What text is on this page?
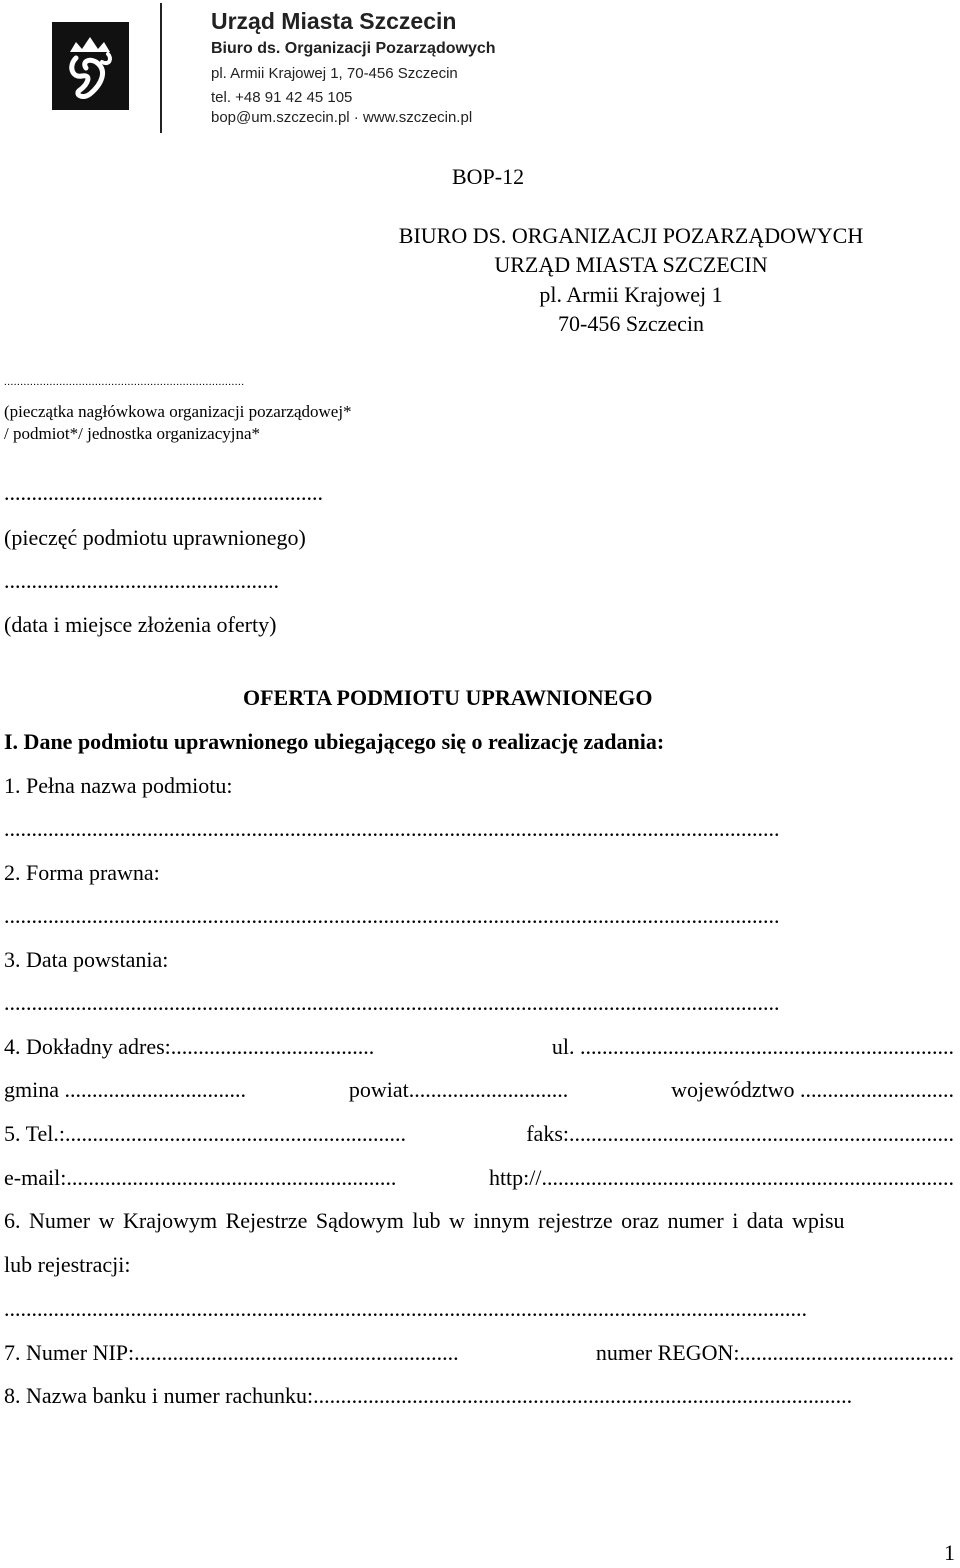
Urząd Miasta Szczecin
Biuro ds. Organizacji Pozarządowych
pl. Armii Krajowej 1, 70-456 Szczecin
tel. +48 91 42 45 105
bop@um.szczecin.pl · www.szczecin.pl
BOP-12
BIURO DS. ORGANIZACJI POZARZĄDOWYCH
URZĄD MIASTA SZCZECIN
pl. Armii Krajowej 1
70-456 Szczecin
..........................................................................
(pieczątka nagłówkowa organizacji pozarządowej*
/ podmiot*/ jednostka organizacyjna*
..........................................................
(pieczęć podmiotu uprawnionego)
..................................................
(data i miejsce złożenia oferty)
OFERTA PODMIOTU UPRAWNIONEGO
I. Dane podmiotu uprawnionego ubiegającego się o realizację zadania:
1. Pełna nazwa podmiotu:
.............................................................................................................................................
2. Forma prawna:
.............................................................................................................................................
3. Data powstania:
.............................................................................................................................................
4. Dokładny adres:.....................................	ul. ....................................................................
gmina .................................	powiat.............................	województwo ............................
5. Tel.:..............................................................	faks:......................................................................
e-mail:............................................................	http://...........................................................................
6. Numer w Krajowym Rejestrze Sądowym lub w innym rejestrze oraz numer i data wpisu
lub rejestracji:
..................................................................................................................................................
7. Numer NIP:...........................................................	numer REGON:.......................................
8. Nazwa banku i numer rachunku:..................................................................................................
1
